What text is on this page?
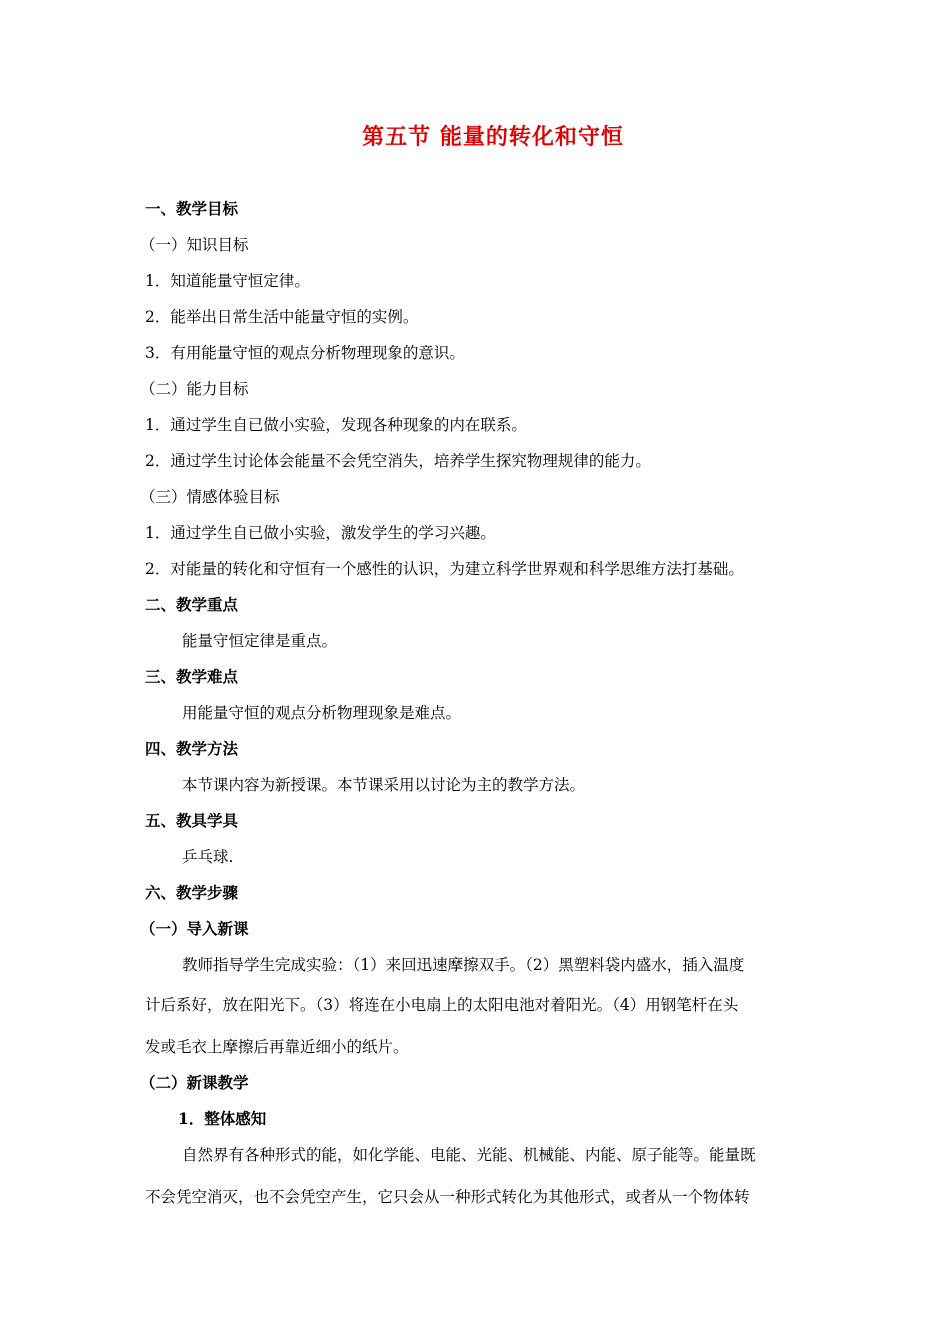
第五节 能量的转化和守恒
一、教学目标
（一）知识目标
1．知道能量守恒定律。
2．能举出日常生活中能量守恒的实例。
3．有用能量守恒的观点分析物理现象的意识。
（二）能力目标
1．通过学生自已做小实验，发现各种现象的内在联系。
2．通过学生讨论体会能量不会凭空消失，培养学生探究物理规律的能力。
（三）情感体验目标
1．通过学生自已做小实验，激发学生的学习兴趣。
2．对能量的转化和守恒有一个感性的认识，为建立科学世界观和科学思维方法打基础。
二、教学重点
能量守恒定律是重点。
三、教学难点
用能量守恒的观点分析物理现象是难点。
四、教学方法
本节课内容为新授课。本节课采用以讨论为主的教学方法。
五、教具学具
乒乓球.
六、教学步骤
（一）导入新课
教师指导学生完成实验：（1）来回迅速摩擦双手。（2）黑塑料袋内盛水，插入温度
计后系好，放在阳光下。（3）将连在小电扇上的太阳电池对着阳光。（4）用钢笔杆在头
发或毛衣上摩擦后再靠近细小的纸片。
（二）新课教学
1．整体感知
自然界有各种形式的能，如化学能、电能、光能、机械能、内能、原子能等。能量既
不会凭空消灭，也不会凭空产生，它只会从一种形式转化为其他形式，或者从一个物体转
